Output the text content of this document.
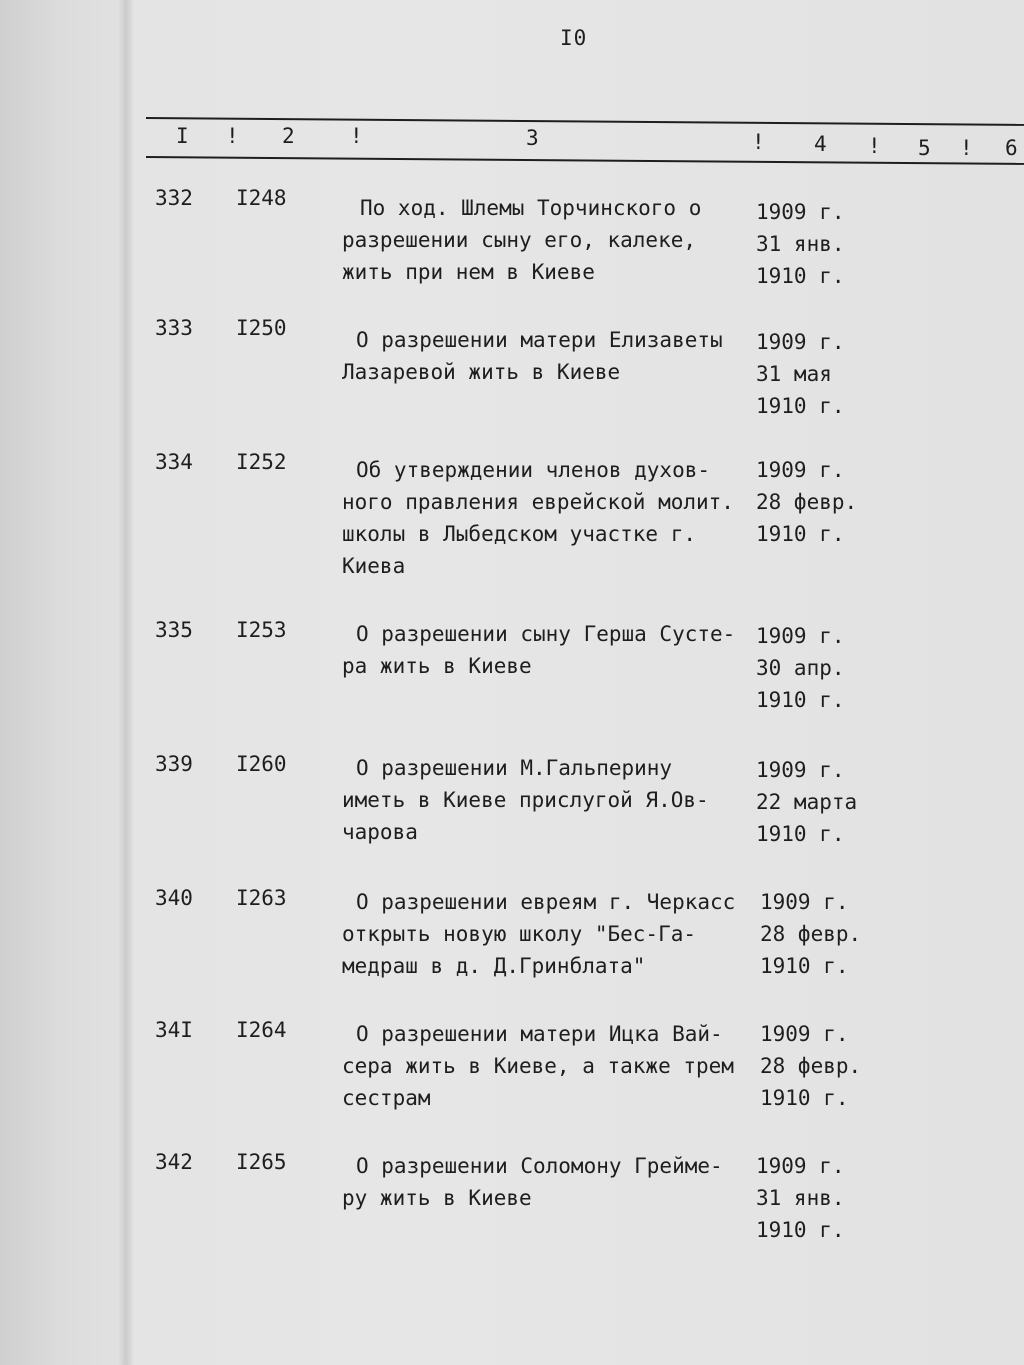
I0
I ! 2	!	3	! 4 ! 5 ! 6
332 I248	По ход. Шлемы Торчинского о
разрешении сыну его, калеке,
жить при нем в Киеве
1909 г.
31 янв.
1910 г.
333 I250	О разрешении матери Елизаветы
Лазаревой жить в Киеве
1909 г.
31 мая
1910 г.
334 I252	Об утверждении членов духов-
ного правления еврейской молит.
школы в Лыбедском участке г.
Киева
1909 г.
28 февр.
1910 г.
335 I253	О разрешении сыну Герша Сусте-
ра жить в Киеве
1909 г.
30 апр.
1910 г.
339 I260	О разрешении М.Гальперину
иметь в Киеве прислугой Я.Ов-
чарова
1909 г.
22 марта
1910 г.
340 I263	О разрешении евреям г. Черкасс
открыть новую школу "Бес-Га-
медраш в д. Д.Гринблата"
1909 г.
28 февр.
1910 г.
34I I264	О разрешении матери Ицка Вай-
сера жить в Киеве, а также трем
сестрам
1909 г.
28 февр.
1910 г.
342 I265	О разрешении Соломону Грейме-
ру жить в Киеве
1909 г.
31 янв.
1910 г.
